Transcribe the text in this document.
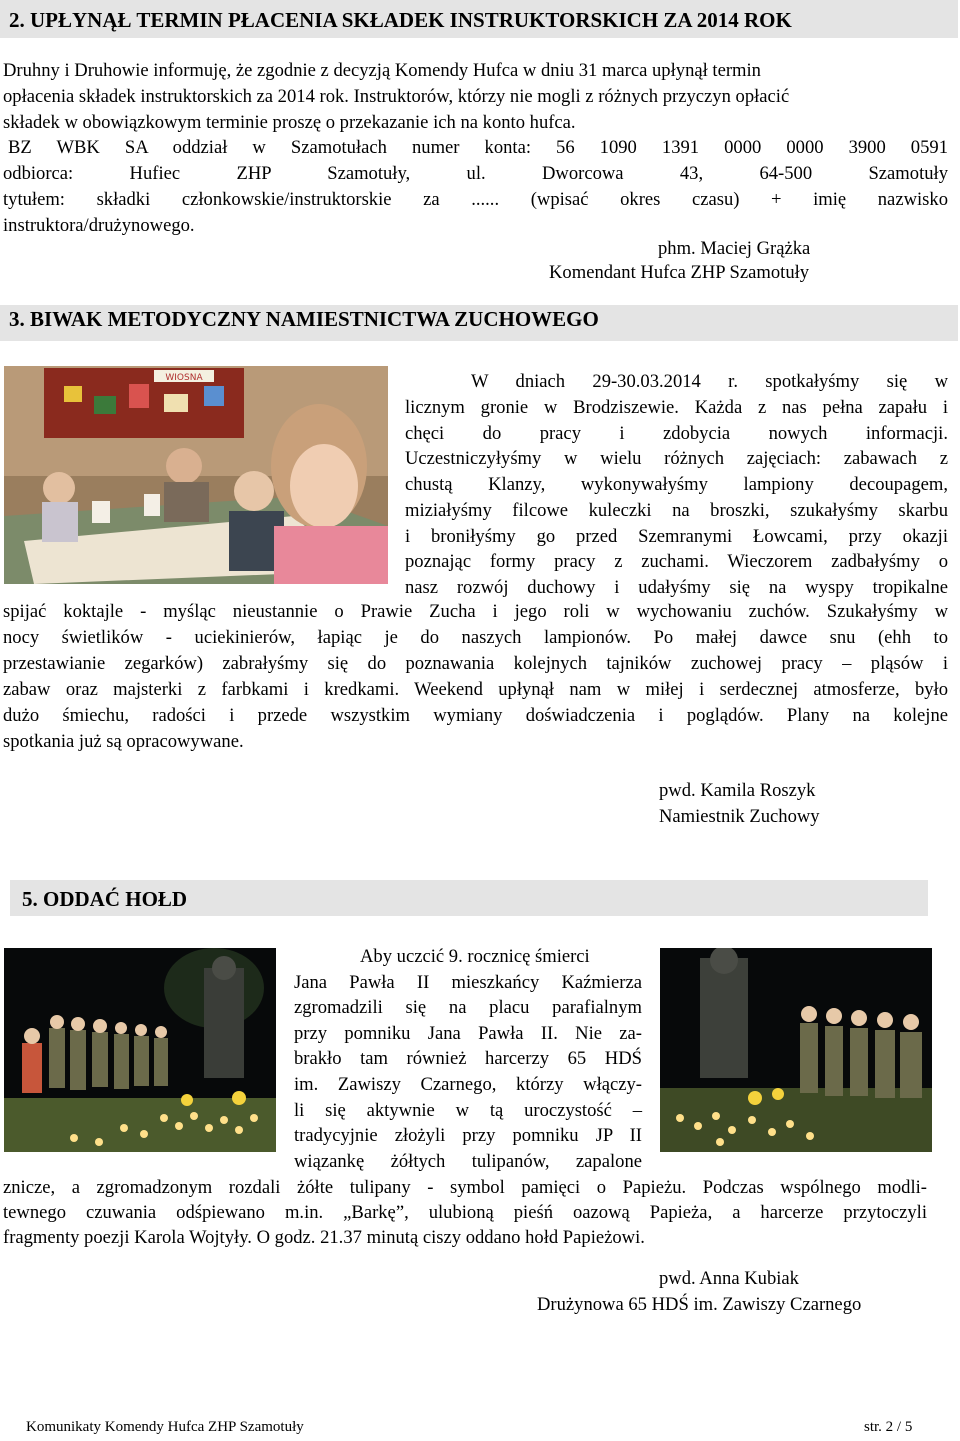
2. UPŁYNĄŁ TERMIN PŁACENIA SKŁADEK INSTRUKTORSKICH ZA 2014 ROK
Druhny i Druhowie informuję, że zgodnie z decyzją Komendy Hufca w dniu 31 marca upłynął termin
opłacenia składek instruktorskich za 2014 rok. Instruktorów, którzy nie mogli z różnych przyczyn opłacić
składek w obowiązkowym terminie proszę o przekazanie ich na konto hufca.
BZ WBK SA oddział w Szamotułach numer konta: 56 1090 1391 0000 0000 3900 0591
odbiorca: Hufiec ZHP Szamotuły, ul. Dworcowa 43, 64-500 Szamotuły
tytułem: składki członkowskie/instruktorskie za ...... (wpisać okres czasu) + imię nazwisko
instruktora/drużynowego.
phm. Maciej Grążka
Komendant Hufca ZHP Szamotuły
3. BIWAK METODYCZNY NAMIESTNICTWA ZUCHOWEGO
WIOSNA	W dniach 29-30.03.2014 r. spotkałyśmy się w
licznym gronie w Brodziszewie. Każda z nas pełna zapału i
chęci do pracy i zdobycia nowych informacji.
Uczestniczyłyśmy w wielu różnych zajęciach: zabawach z
chustą Klanzy, wykonywałyśmy lampiony decoupagem,
miziałyśmy filcowe kuleczki na broszki, szukałyśmy skarbu
i broniłyśmy go przed Szemranymi Łowcami, przy okazji
poznając formy pracy z zuchami. Wieczorem zadbałyśmy o
nasz rozwój duchowy i udałyśmy się na wyspy tropikalne
spijać koktajle - myśląc nieustannie o Prawie Zucha i jego roli w wychowaniu zuchów. Szukałyśmy w
nocy świetlików - uciekinierów, łapiąc je do naszych lampionów. Po małej dawce snu (ehh to
przestawianie zegarków) zabrałyśmy się do poznawania kolejnych tajników zuchowej pracy – pląsów i
zabaw oraz majsterki z farbkami i kredkami. Weekend upłynął nam w miłej i serdecznej atmosferze, było
dużo śmiechu, radości i przede wszystkim wymiany doświadczenia i poglądów. Plany na kolejne
spotkania już są opracowywane.
pwd. Kamila Roszyk
Namiestnik Zuchowy
5. ODDAĆ HOŁD
Aby uczcić 9. rocznicę śmierci
Jana Pawła II mieszkańcy Kaźmierza
zgromadzili się na placu parafialnym
przy pomniku Jana Pawła II. Nie za-
brakło tam również harcerzy 65 HDŚ
im. Zawiszy Czarnego, którzy włączy-
li się aktywnie w tą uroczystość –
tradycyjnie złożyli przy pomniku JP II
wiązankę żółtych tulipanów, zapalone
znicze, a zgromadzonym rozdali żółte tulipany - symbol pamięci o Papieżu. Podczas wspólnego modli-
tewnego czuwania odśpiewano m.in. „Barkę”, ulubioną pieśń oazową Papieża, a harcerze przytoczyli
fragmenty poezji Karola Wojtyły. O godz. 21.37 minutą ciszy oddano hołd Papieżowi.
pwd. Anna Kubiak
Drużynowa 65 HDŚ im. Zawiszy Czarnego
Komunikaty Komendy Hufca ZHP Szamotuły	str. 2 / 5
